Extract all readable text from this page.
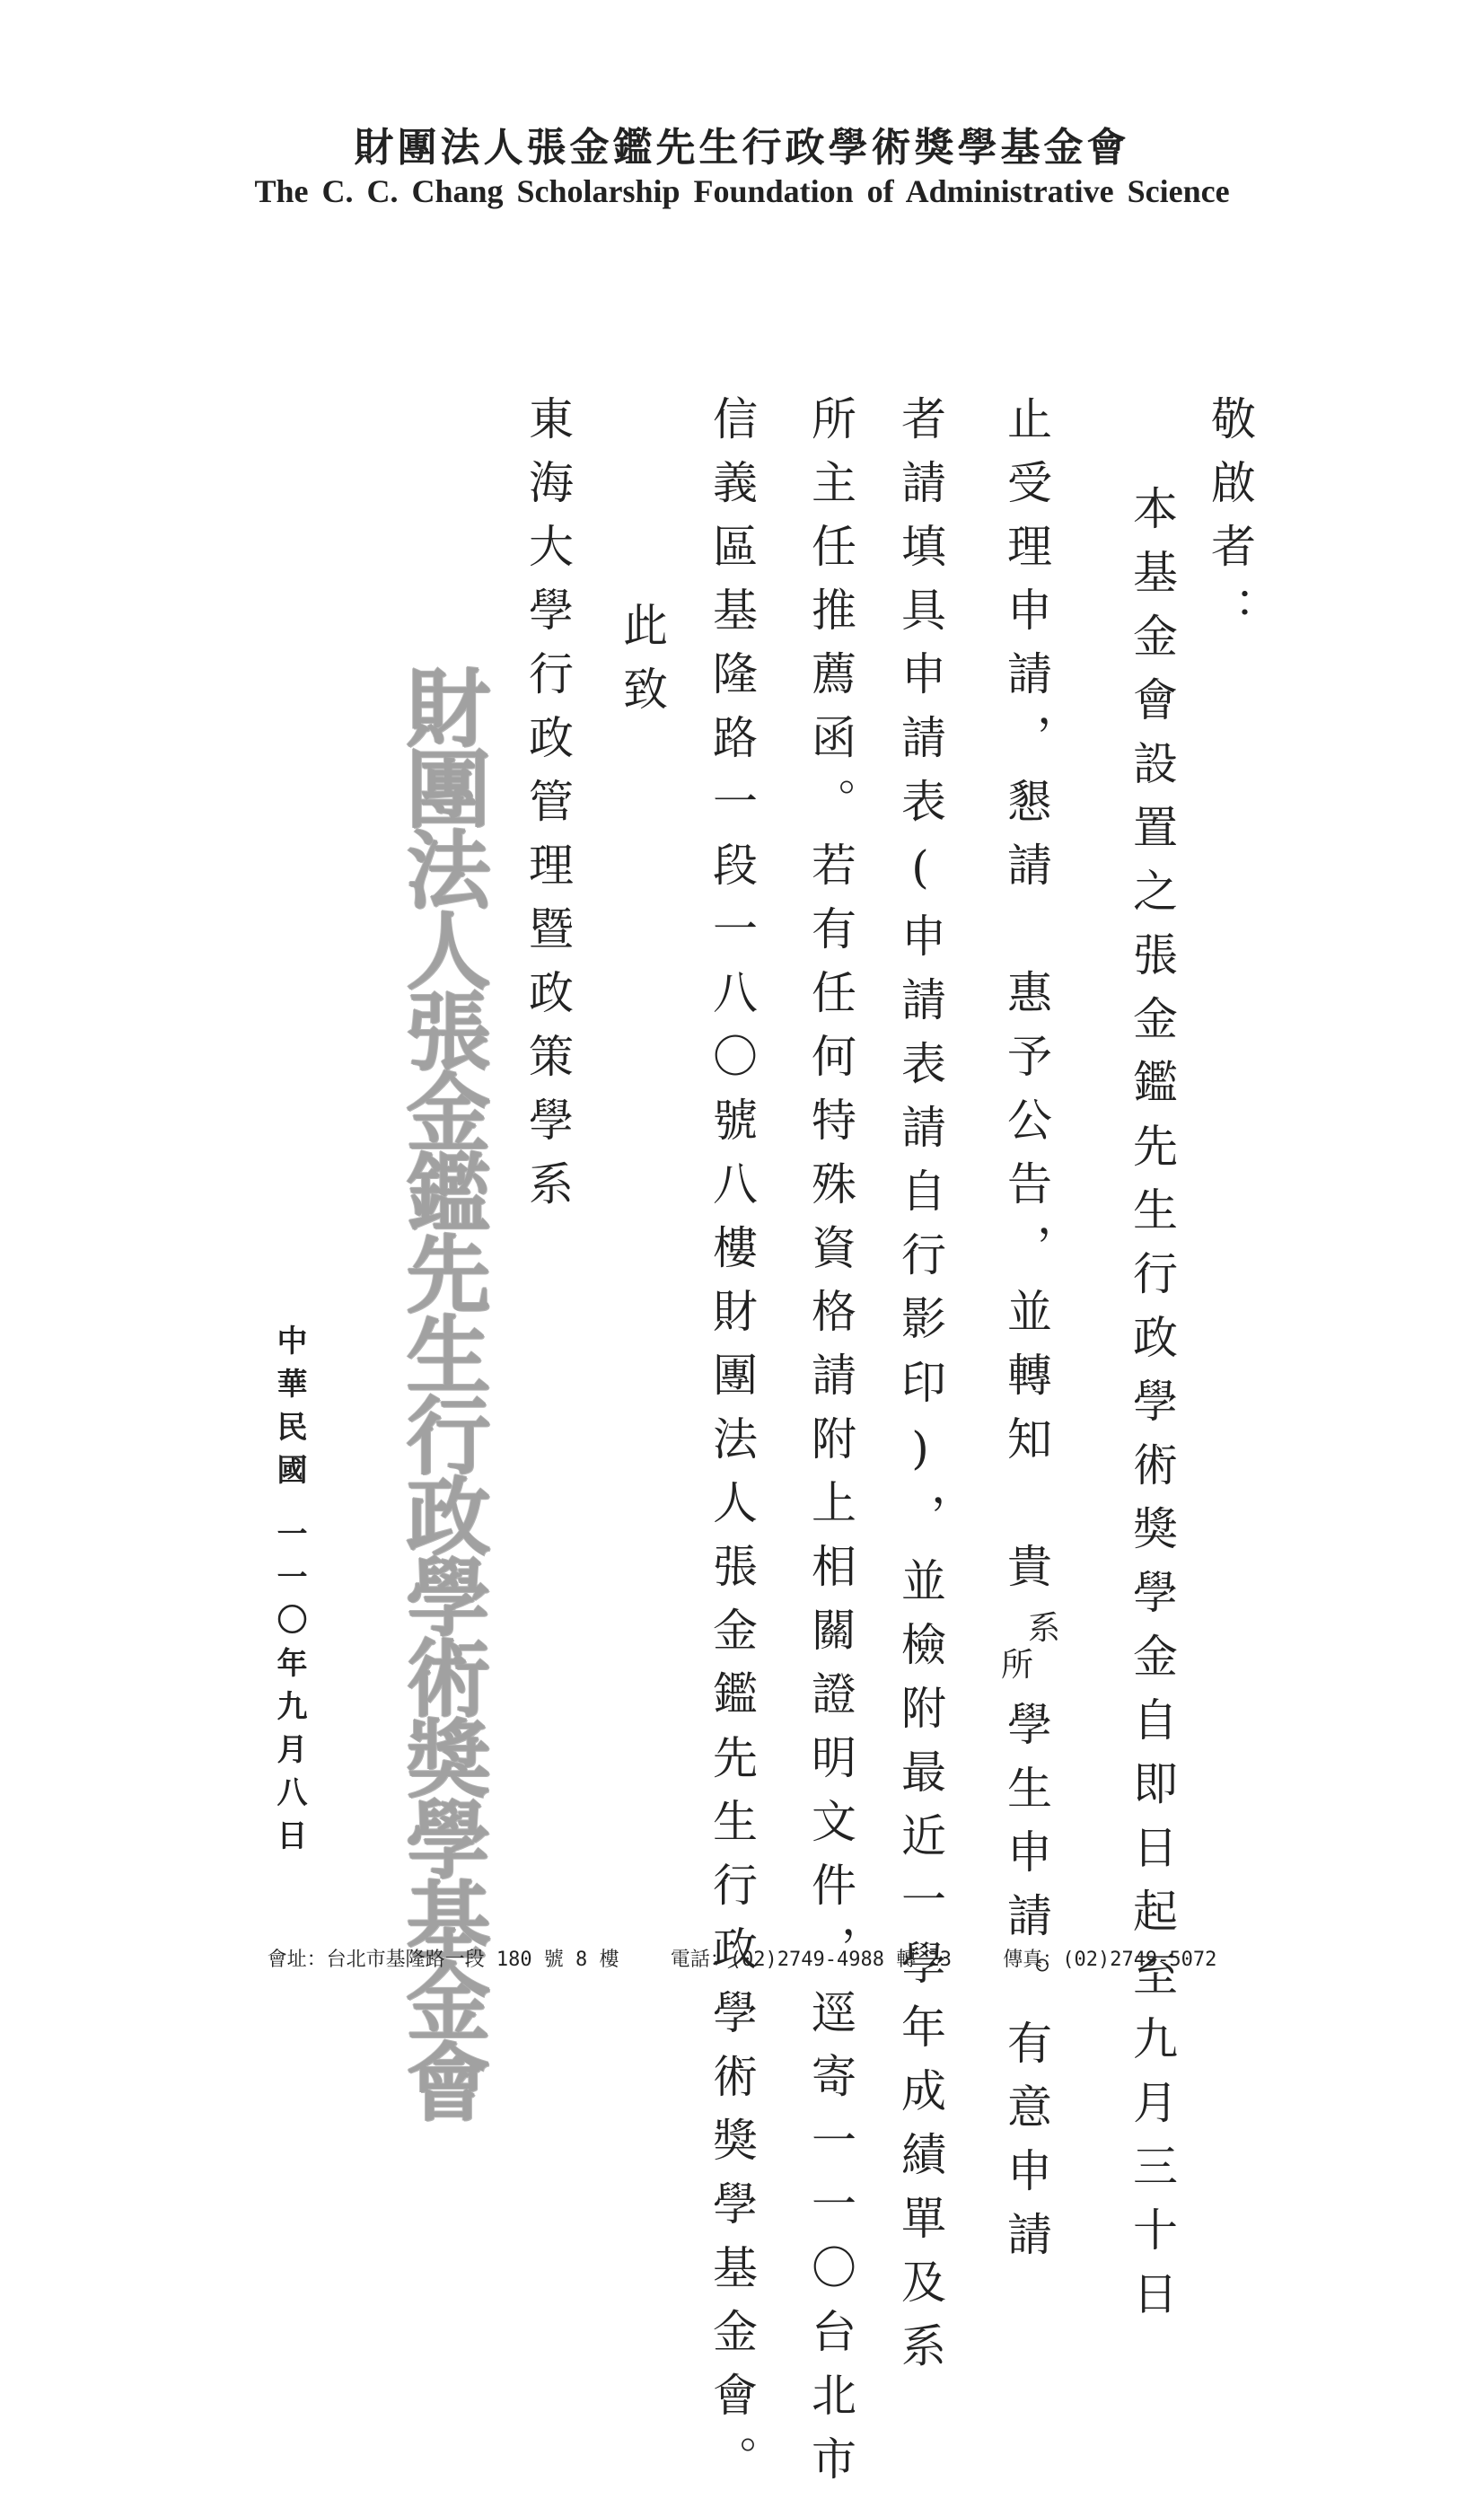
財團法人張金鑑先生行政學術獎學基金會
The C. C. Chang Scholarship Foundation of Administrative Science
敬啟者：
本基金會設置之張金鑑先生行政學術獎學金自即日起至九月三十日
止受理申請，懇請　惠予公告，並轉知　貴
系
所
學生申請。有意申請
者請填具申請表(申請表請自行影印)，並檢附最近一學年成績單及系
所主任推薦函。若有任何特殊資格請附上相關證明文件，逕寄一一〇台北市
信義區基隆路一段一八〇號八樓財團法人張金鑑先生行政學術獎學基金會。
此致
東海大學行政管理暨政策學系
財團法人張金鑑先生行政學術獎學基金會
中華民國
一一〇年九月八日
會址：台北市基隆路一段 180 號 8 樓	電話：(02)2749-4988 轉 23	傳真：(02)2749-5072
